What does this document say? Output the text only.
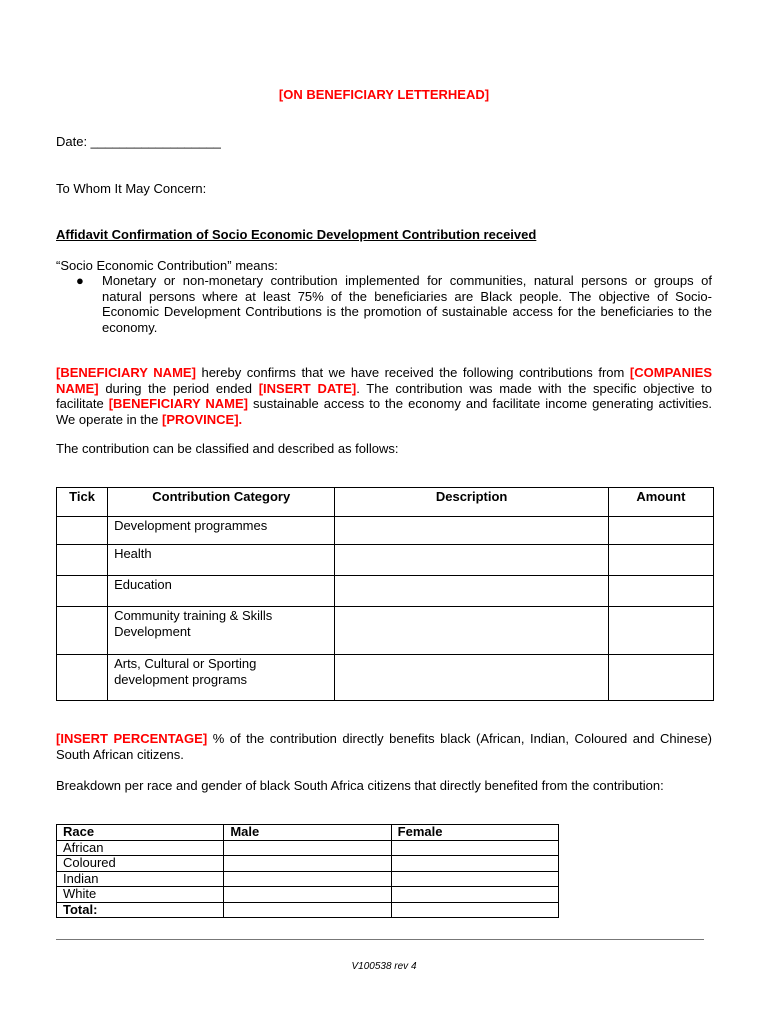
[ON BENEFICIARY LETTERHEAD]
Date: __________________
To Whom It May Concern:
Affidavit Confirmation of Socio Economic Development Contribution received
“Socio Economic Contribution” means:
● Monetary or non-monetary contribution implemented for communities, natural persons or groups of natural persons where at least 75% of the beneficiaries are Black people. The objective of Socio-Economic Development Contributions is the promotion of sustainable access for the beneficiaries to the economy.
[BENEFICIARY NAME] hereby confirms that we have received the following contributions from [COMPANIES NAME] during the period ended [INSERT DATE]. The contribution was made with the specific objective to facilitate [BENEFICIARY NAME] sustainable access to the economy and facilitate income generating activities. We operate in the [PROVINCE].
The contribution can be classified and described as follows:
Tick	Contribution Category	Description	Amount
	Development programmes		
	Health		
	Education		
	Community training & Skills Development		
	Arts, Cultural or Sporting development programs		
[INSERT PERCENTAGE] % of the contribution directly benefits black (African, Indian, Coloured and Chinese) South African citizens.
Breakdown per race and gender of black South Africa citizens that directly benefited from the contribution:
Race	Male	Female
African		
Coloured		
Indian		
White		
Total:		
V100538 rev 4
